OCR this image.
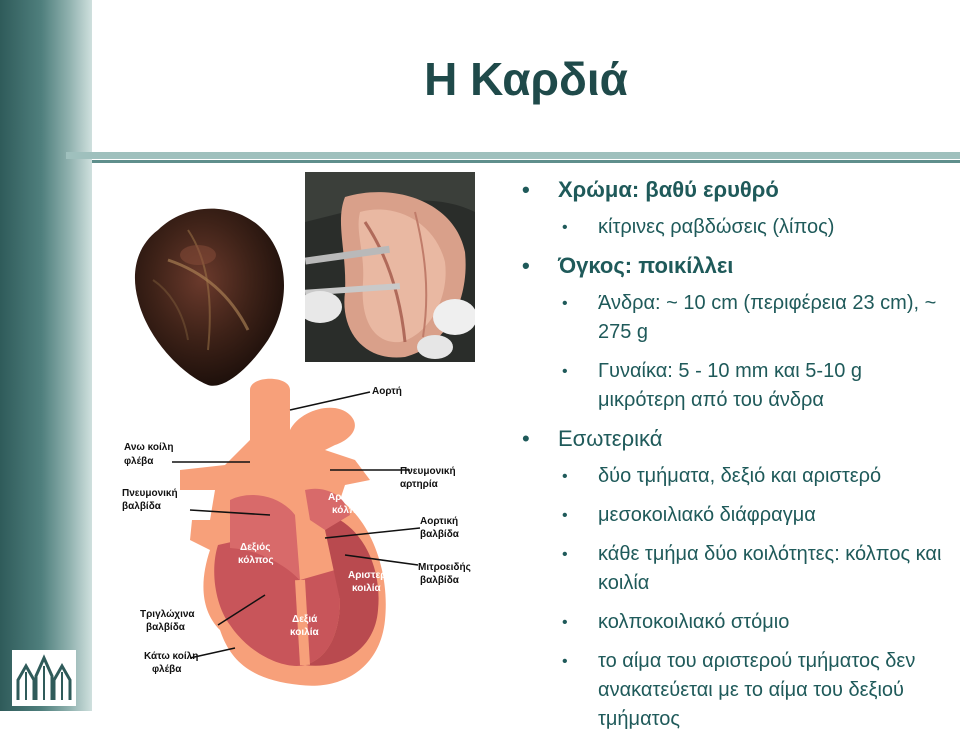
Η Καρδιά
Αορτή
Ανω κοίλη
φλέβα
Πνευμονική
αρτηρία
Πνευμονική
βαλβίδα
Αριστερός
κόλπος
Αορτική
βαλβίδα
Δεξιός
κόλπος
Μιτροειδής
βαλβίδα
Αριστερή
κοιλία
Τριγλώχινα
βαλβίδα
Δεξιά
κοιλία
Κάτω κοίλη
φλέβα
• Χρώμα: βαθύ ερυθρό
• κίτρινες ραβδώσεις (λίπος)
• Όγκος: ποικίλλει
• Άνδρα: ~ 10 cm (περιφέρεια 23 cm), ~ 275 g
• Γυναίκα: 5 - 10 mm και 5-10 g μικρότερη από του άνδρα
• Εσωτερικά
• δύο τμήματα, δεξιό και αριστερό
• μεσοκοιλιακό διάφραγμα
• κάθε τμήμα δύο κοιλότητες: κόλπος και κοιλία
• κολποκοιλιακό στόμιο
• το αίμα του αριστερού τμήματος δεν ανακατεύεται με το αίμα του δεξιού τμήματος
